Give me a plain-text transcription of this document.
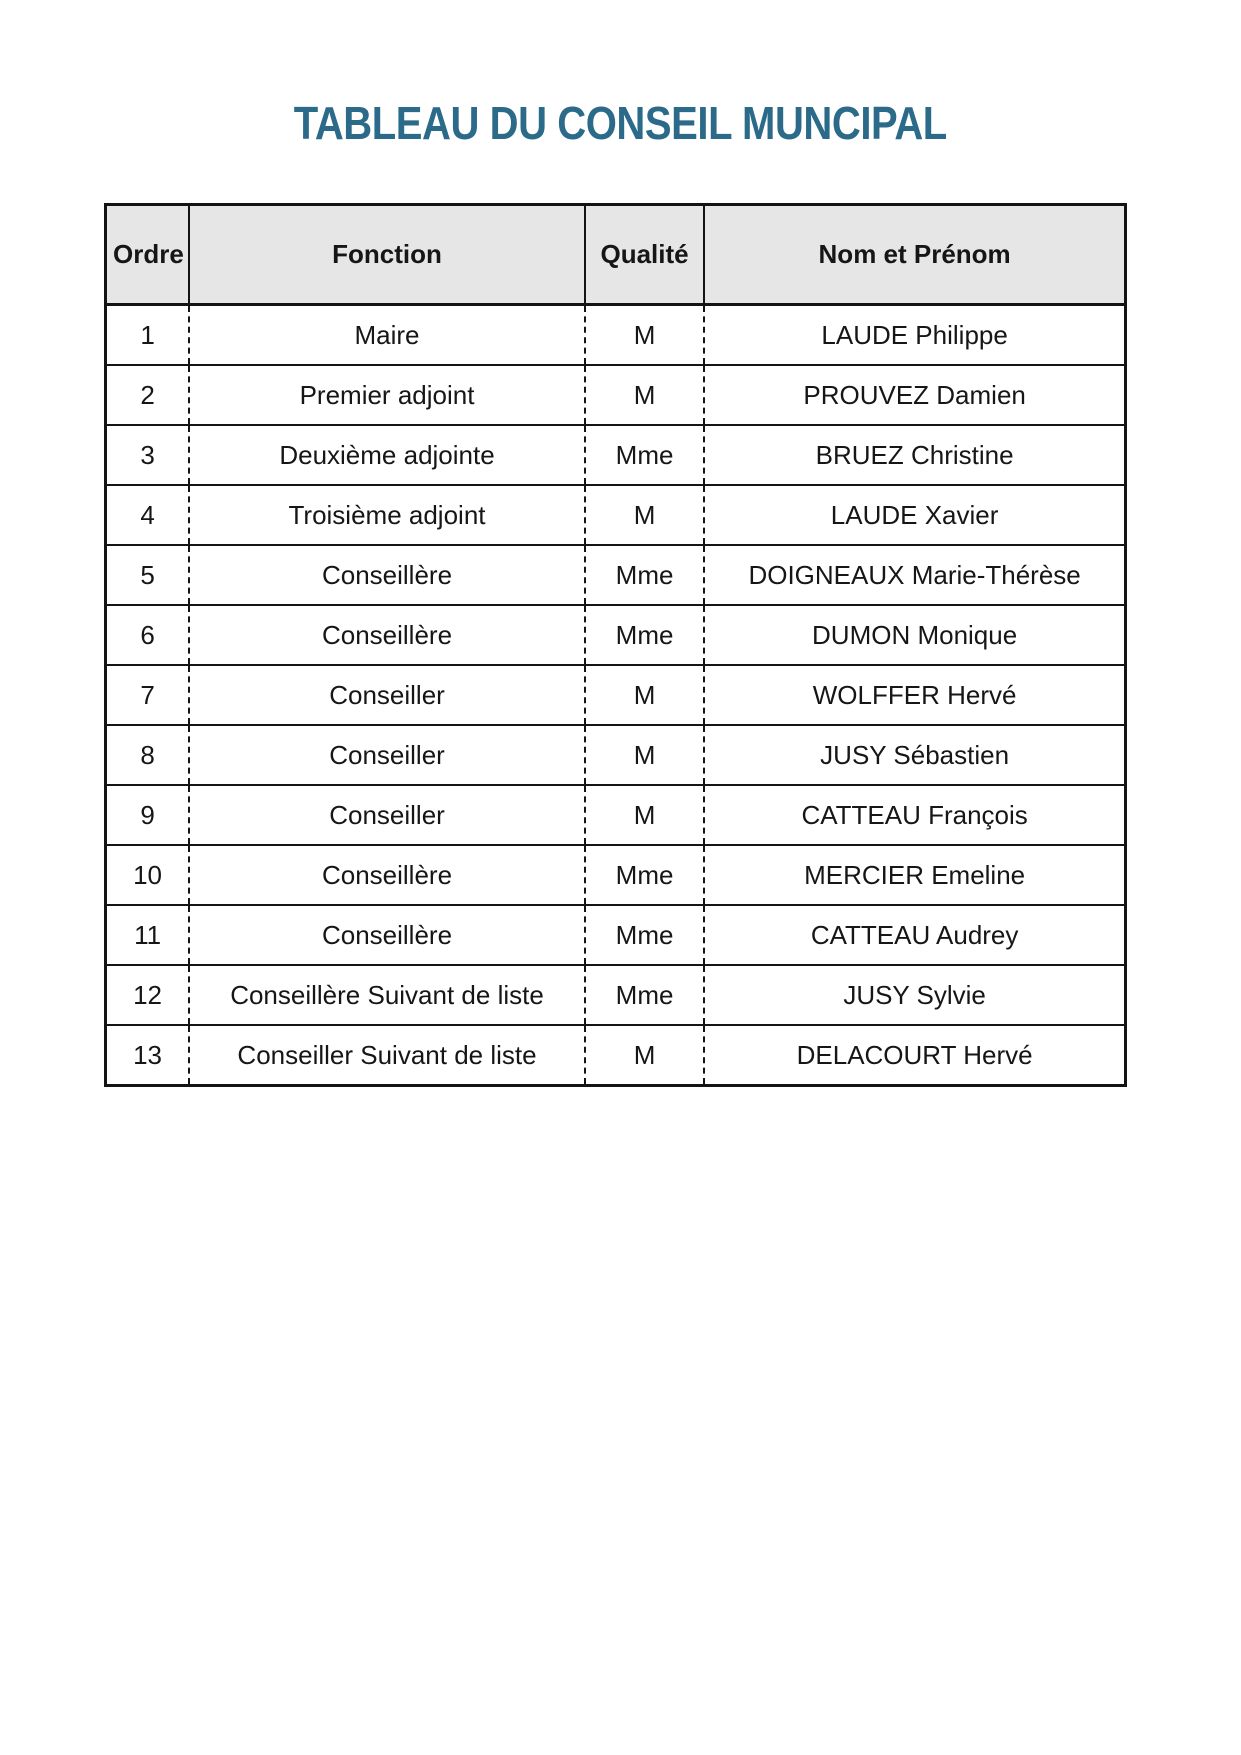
TABLEAU DU CONSEIL MUNCIPAL
Ordre	Fonction	Qualité	Nom et Prénom
1	Maire	M	LAUDE Philippe
2	Premier adjoint	M	PROUVEZ Damien
3	Deuxième adjointe	Mme	BRUEZ Christine
4	Troisième adjoint	M	LAUDE Xavier
5	Conseillère	Mme	DOIGNEAUX Marie-Thérèse
6	Conseillère	Mme	DUMON Monique
7	Conseiller	M	WOLFFER Hervé
8	Conseiller	M	JUSY Sébastien
9	Conseiller	M	CATTEAU François
10	Conseillère	Mme	MERCIER Emeline
11	Conseillère	Mme	CATTEAU Audrey
12	Conseillère Suivant de liste	Mme	JUSY Sylvie
13	Conseiller Suivant de liste	M	DELACOURT Hervé
